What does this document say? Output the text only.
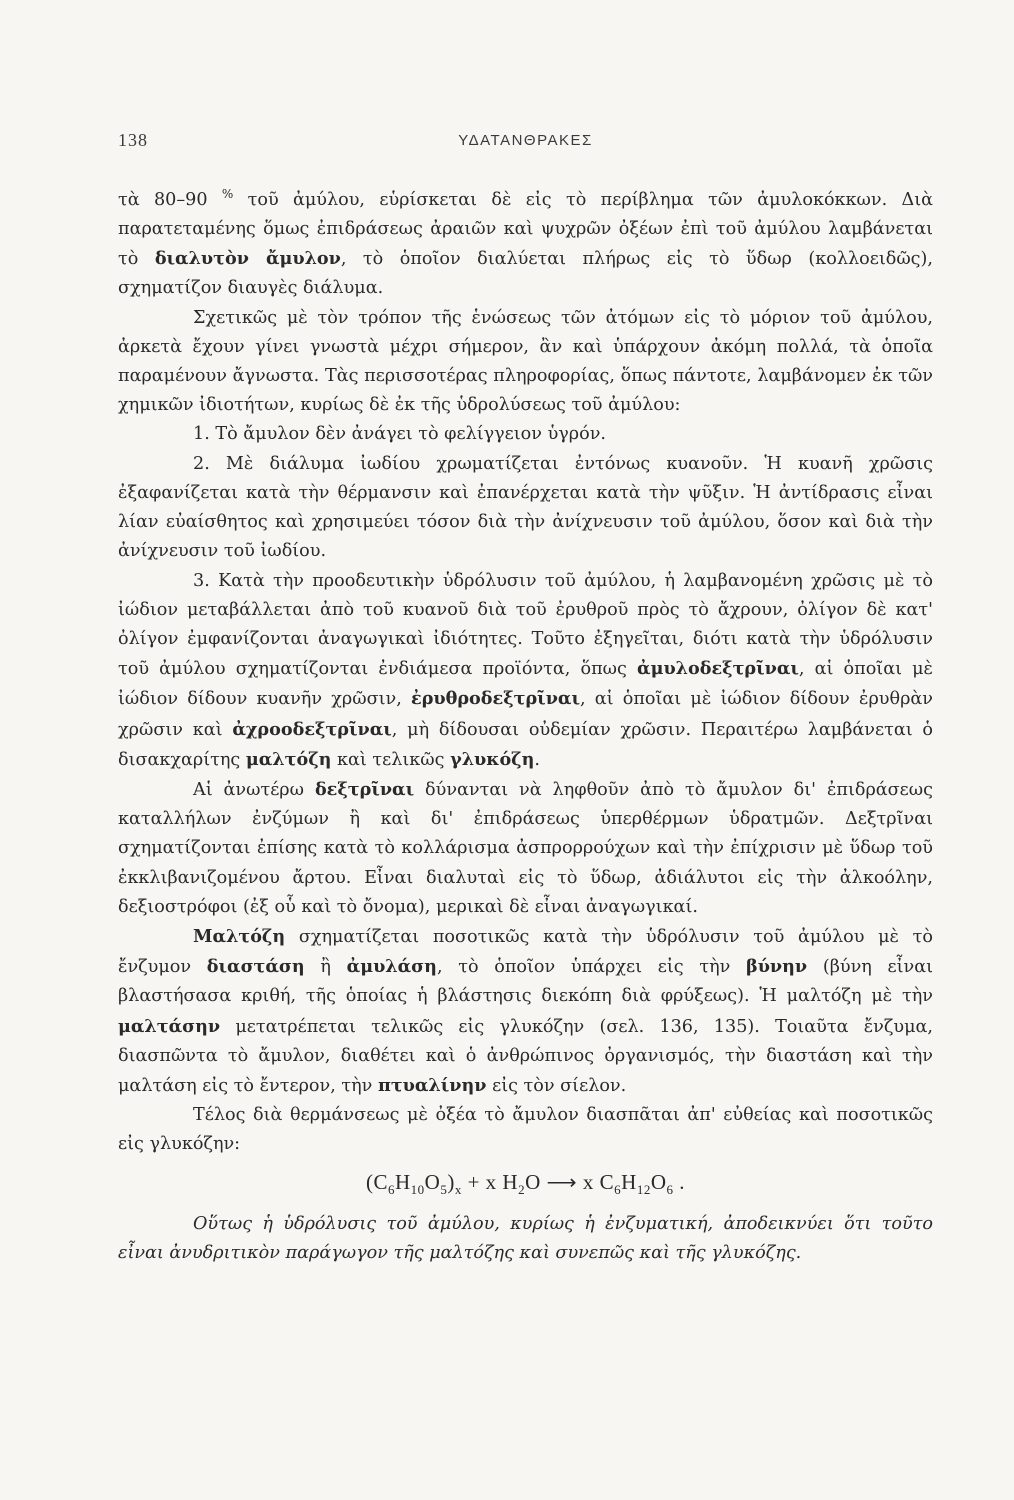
138	ΥΔΑΤΑΝΘΡΑΚΕΣ

τὰ 80–90 % τοῦ ἀμύλου, εὑρίσκεται δὲ εἰς τὸ περίβλημα τῶν ἀμυλοκόκκων. Διὰ παρατεταμένης ὅμως ἐπιδράσεως ἀραιῶν καὶ ψυχρῶν ὀξέων ἐπὶ τοῦ ἀμύλου λαμβάνεται τὸ διαλυτὸν ἄμυλον, τὸ ὁποῖον διαλύεται πλήρως εἰς τὸ ὕδωρ (κολλοειδῶς), σχηματίζον διαυγὲς διάλυμα.

Σχετικῶς μὲ τὸν τρόπον τῆς ἑνώσεως τῶν ἀτόμων εἰς τὸ μόριον τοῦ ἀμύλου, ἀρκετὰ ἔχουν γίνει γνωστὰ μέχρι σήμερον, ἂν καὶ ὑπάρχουν ἀκόμη πολλά, τὰ ὁποῖα παραμένουν ἄγνωστα. Τὰς περισσοτέρας πληροφορίας, ὅπως πάντοτε, λαμβάνομεν ἐκ τῶν χημικῶν ἰδιοτήτων, κυρίως δὲ ἐκ τῆς ὑδρολύσεως τοῦ ἀμύλου:

1. Τὸ ἄμυλον δὲν ἀνάγει τὸ φελίγγειον ὑγρόν.

2. Μὲ διάλυμα ἰωδίου χρωματίζεται ἐντόνως κυανοῦν. Ἡ κυανῆ χρῶσις ἐξαφανίζεται κατὰ τὴν θέρμανσιν καὶ ἐπανέρχεται κατὰ τὴν ψῦξιν. Ἡ ἀντίδρασις εἶναι λίαν εὐαίσθητος καὶ χρησιμεύει τόσον διὰ τὴν ἀνίχνευσιν τοῦ ἀμύλου, ὅσον καὶ διὰ τὴν ἀνίχνευσιν τοῦ ἰωδίου.

3. Κατὰ τὴν προοδευτικὴν ὑδρόλυσιν τοῦ ἀμύλου, ἡ λαμβανομένη χρῶσις μὲ τὸ ἰώδιον μεταβάλλεται ἀπὸ τοῦ κυανοῦ διὰ τοῦ ἐρυθροῦ πρὸς τὸ ἄχρουν, ὀλίγον δὲ κατ' ὀλίγον ἐμφανίζονται ἀναγωγικαὶ ἰδιότητες. Τοῦτο ἐξηγεῖται, διότι κατὰ τὴν ὑδρόλυσιν τοῦ ἀμύλου σχηματίζονται ἐνδιάμεσα προϊόντα, ὅπως ἀμυλοδεξτρῖναι, αἱ ὁποῖαι μὲ ἰώδιον δίδουν κυανῆν χρῶσιν, ἐρυθροδεξτρῖναι, αἱ ὁποῖαι μὲ ἰώδιον δίδουν ἐρυθρὰν χρῶσιν καὶ ἀχροοδεξτρῖναι, μὴ δίδουσαι οὐδεμίαν χρῶσιν. Περαιτέρω λαμβάνεται ὁ δισακχαρίτης μαλτόζη καὶ τελικῶς γλυκόζη.

Αἱ ἀνωτέρω δεξτρῖναι δύνανται νὰ ληφθοῦν ἀπὸ τὸ ἄμυλον δι' ἐπιδράσεως καταλλήλων ἐνζύμων ἢ καὶ δι' ἐπιδράσεως ὑπερθέρμων ὑδρατμῶν. Δεξτρῖναι σχηματίζονται ἐπίσης κατὰ τὸ κολλάρισμα ἀσπρορρούχων καὶ τὴν ἐπίχρισιν μὲ ὕδωρ τοῦ ἐκκλιβανιζομένου ἄρτου. Εἶναι διαλυταὶ εἰς τὸ ὕδωρ, ἀδιάλυτοι εἰς τὴν ἀλκοόλην, δεξιοστρόφοι (ἐξ οὗ καὶ τὸ ὄνομα), μερικαὶ δὲ εἶναι ἀναγωγικαί.

Μαλτόζη σχηματίζεται ποσοτικῶς κατὰ τὴν ὑδρόλυσιν τοῦ ἀμύλου μὲ τὸ ἔνζυμον διαστάση ἢ ἀμυλάση, τὸ ὁποῖον ὑπάρχει εἰς τὴν βύνην (βύνη εἶναι βλαστήσασα κριθή, τῆς ὁποίας ἡ βλάστησις διεκόπη διὰ φρύξεως). Ἡ μαλτόζη μὲ τὴν μαλτάσην μετατρέπεται τελικῶς εἰς γλυκόζην (σελ. 136, 135). Τοιαῦτα ἔνζυμα, διασπῶντα τὸ ἄμυλον, διαθέτει καὶ ὁ ἀνθρώπινος ὀργανισμός, τὴν διαστάση καὶ τὴν μαλτάση εἰς τὸ ἔντερον, τὴν πτυαλίνην εἰς τὸν σίελον.

Τέλος διὰ θερμάνσεως μὲ ὀξέα τὸ ἄμυλον διασπᾶται ἀπ' εὐθείας καὶ ποσοτικῶς εἰς γλυκόζην:

$(C_6H_{10}O_5)_x + x$ $H_2O$ ⟶ x $C_6H_{12}O_6$ .

Οὕτως ἡ ὑδρόλυσις τοῦ ἀμύλου, κυρίως ἡ ἐνζυματική, ἀποδεικνύει ὅτι τοῦτο εἶναι ἀνυδριτικὸν παράγωγον τῆς μαλτόζης καὶ συνεπῶς καὶ τῆς γλυκόζης.
